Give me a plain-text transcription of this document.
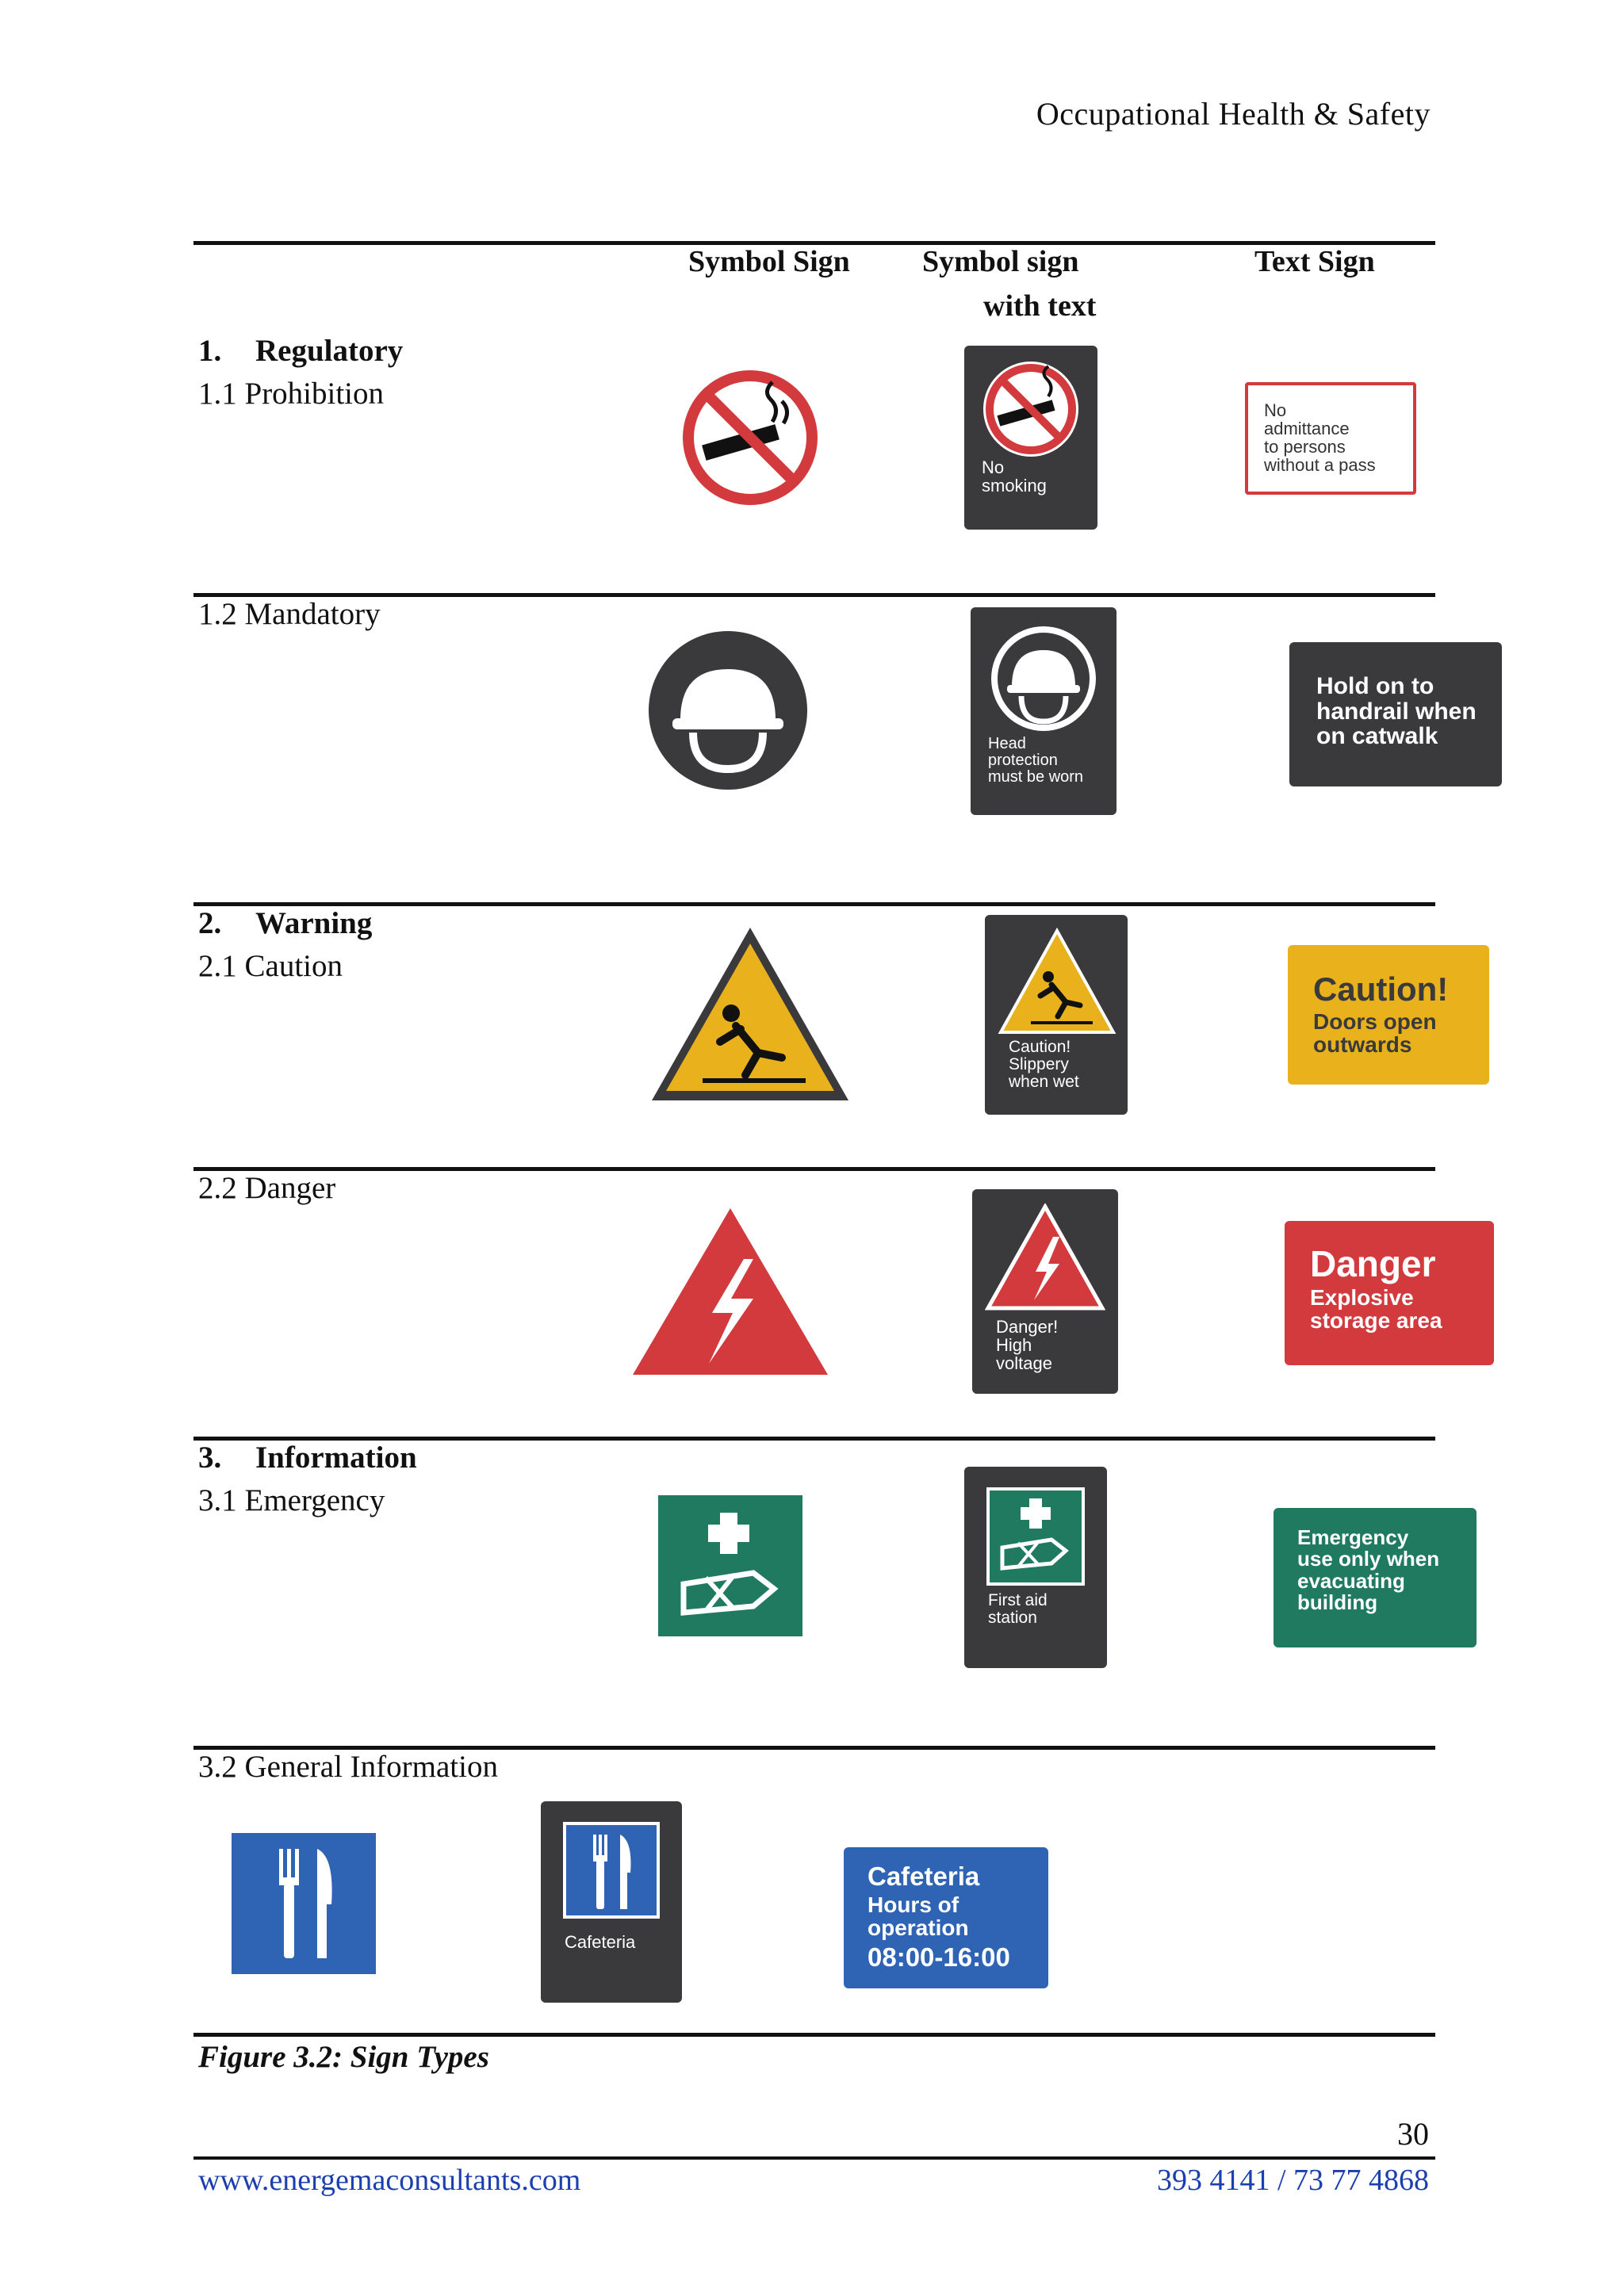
Occupational Health & Safety
Symbol Sign Symbol sign
with text
Text Sign
1. Regulatory
1.1 Prohibition
No
smoking
No
admittance
to persons
without a pass
1.2 Mandatory
Head
protection
must be worn
Hold on to
handrail when
on catwalk
2. Warning
2.1 Caution
Caution!
Slippery
when wet
Caution!
Doors open
outwards
2.2 Danger
Danger!
High
voltage
Danger
Explosive
storage area
3. Information
3.1 Emergency
First aid
station
Emergency
use only when
evacuating
building
3.2 General Information
Cafeteria
Cafeteria
Hours of
operation
08:00-16:00
Figure 3.2: Sign Types
30
www.energemaconsultants.com	393 4141 / 73 77 4868
